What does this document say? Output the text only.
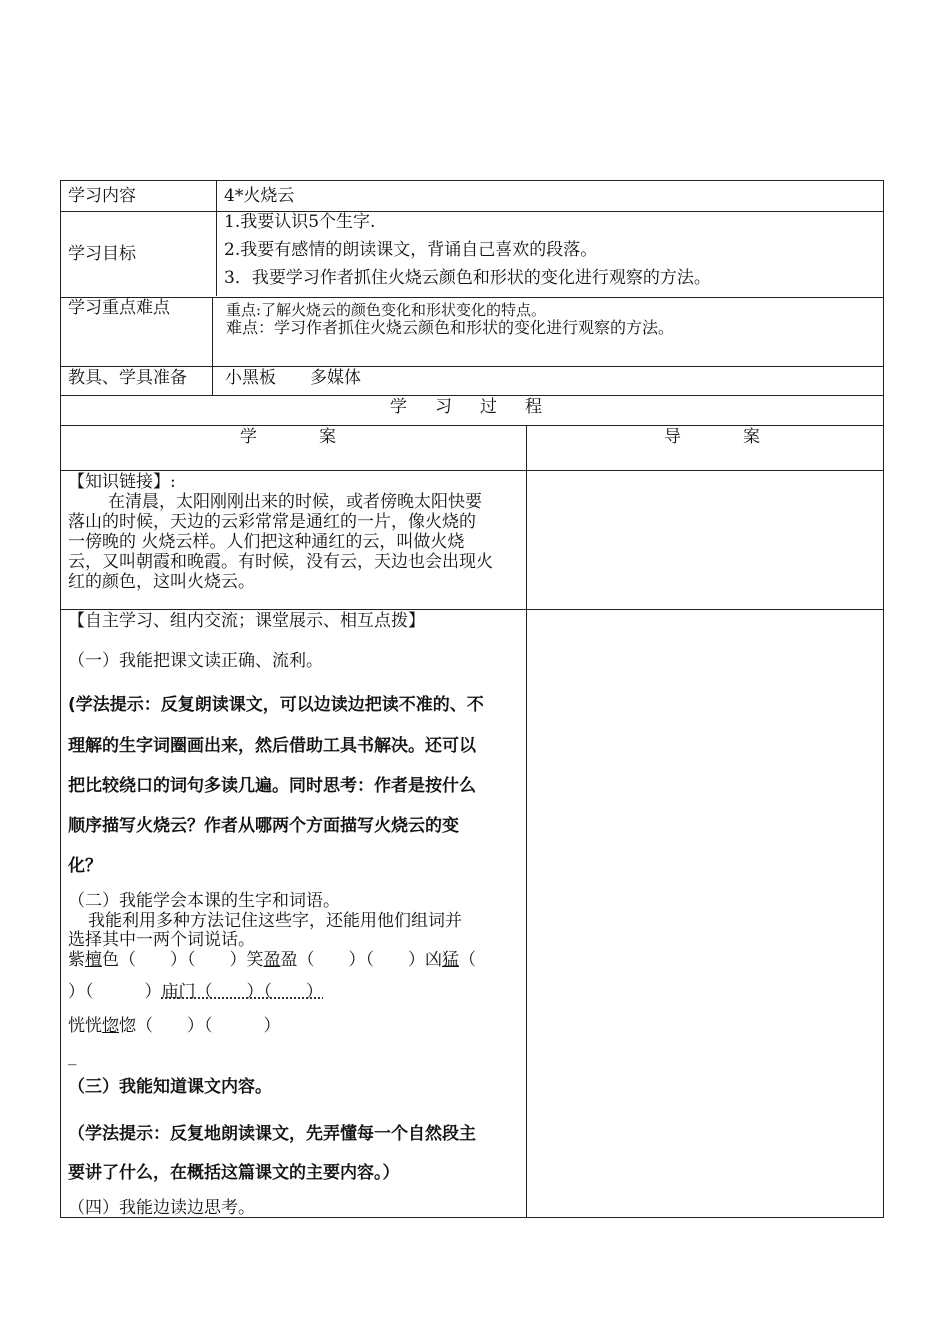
学习内容	4*火烧云
学习目标
1.我要认识5个生字.
2.我要有感情的朗读课文，背诵自己喜欢的段落。
3．我要学习作者抓住火烧云颜色和形状的变化进行观察的方法。
学习重点难点	重点:了解火烧云的颜色变化和形状变化的特点。
难点：学习作者抓住火烧云颜色和形状的变化进行观察的方法。
教具、学具准备 小黑板　　多媒体
学习过程
学案	导案
【知识链接】:
在清晨，太阳刚刚出来的时候，或者傍晚太阳快要
落山的时候，天边的云彩常常是通红的一片，像火烧的
一傍晚的 火烧云样。人们把这种通红的云，叫做火烧
云，又叫朝霞和晚霞。有时候，没有云，天边也会出现火
红的颜色，这叫火烧云。
【自主学习、组内交流；课堂展示、相互点拨】
（一）我能把课文读正确、流利。
(学法提示：反复朗读课文，可以边读边把读不准的、不
理解的生字词圈画出来，然后借助工具书解决。还可以
把比较绕口的词句多读几遍。同时思考：作者是按什么
顺序描写火烧云？作者从哪两个方面描写火烧云的变
化？
（二）我能学会本课的生字和词语。
我能利用多种方法记住这些字，还能用他们组词并
选择其中一两个词说话。
紫檀色（　　）（　　）笑盈盈（　　）（　　）凶猛（
）（　　　）庙门（　　）（　　）
恍恍惚惚（　　）（　　　）
_
（三）我能知道课文内容。
（学法提示：反复地朗读课文，先弄懂每一个自然段主
要讲了什么，在概括这篇课文的主要内容。）
（四）我能边读边思考。
